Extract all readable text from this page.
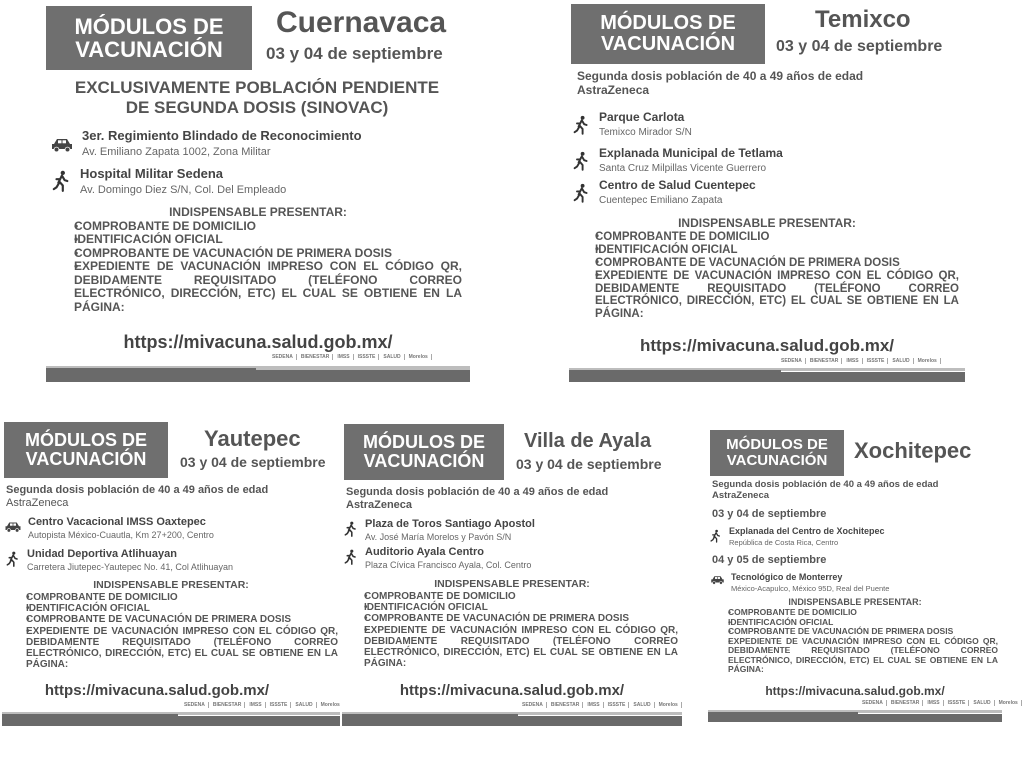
MÓDULOS DE
VACUNACIÓN
Cuernavaca
03 y 04 de septiembre
EXCLUSIVAMENTE POBLACIÓN PENDIENTE
DE SEGUNDA DOSIS (SINOVAC)
3er. Regimiento Blindado de Reconocimiento
Av. Emiliano Zapata 1002, Zona Militar
Hospital Militar Sedena
Av. Domingo Diez S/N, Col. Del Empleado
INDISPENSABLE PRESENTAR:
• COMPROBANTE DE DOMICILIO
• IDENTIFICACIÓN OFICIAL
• COMPROBANTE DE VACUNACIÓN DE PRIMERA DOSIS
• EXPEDIENTE DE VACUNACIÓN IMPRESO CON EL CÓDIGO QR, DEBIDAMENTE REQUISITADO (TELÉFONO CORREO ELECTRÓNICO, DIRECCIÓN, ETC) EL CUAL SE OBTIENE EN LA PÁGINA:
https://mivacuna.salud.gob.mx/
SEDENA	BIENESTAR	IMSS	ISSSTE	SALUD	Morelos
MÓDULOS DE
VACUNACIÓN
Temixco
03 y 04 de septiembre
Segunda dosis población de 40 a 49 años de edad
AstraZeneca
Parque Carlota
Temixco Mirador S/N
Explanada Municipal de Tetlama
Santa Cruz Milpillas Vicente Guerrero
Centro de Salud Cuentepec
Cuentepec Emiliano Zapata
INDISPENSABLE PRESENTAR:
• COMPROBANTE DE DOMICILIO
• IDENTIFICACIÓN OFICIAL
• COMPROBANTE DE VACUNACIÓN DE PRIMERA DOSIS
• EXPEDIENTE DE VACUNACIÓN IMPRESO CON EL CÓDIGO QR, DEBIDAMENTE REQUISITADO (TELÉFONO CORREO ELECTRÓNICO, DIRECCIÓN, ETC) EL CUAL SE OBTIENE EN LA PÁGINA:
https://mivacuna.salud.gob.mx/
SEDENA	BIENESTAR	IMSS	ISSSTE	SALUD	Morelos
MÓDULOS DE
VACUNACIÓN
Yautepec
03 y 04 de septiembre
Segunda dosis población de 40 a 49 años de edad
AstraZeneca
Centro Vacacional IMSS Oaxtepec
Autopista México-Cuautla, Km 27+200, Centro
Unidad Deportiva Atlihuayan
Carretera Jiutepec-Yautepec No. 41, Col Atlihuayan
INDISPENSABLE PRESENTAR:
• COMPROBANTE DE DOMICILIO
• IDENTIFICACIÓN OFICIAL
• COMPROBANTE DE VACUNACIÓN DE PRIMERA DOSIS
• EXPEDIENTE DE VACUNACIÓN IMPRESO CON EL CÓDIGO QR, DEBIDAMENTE REQUISITADO (TELÉFONO CORREO ELECTRÓNICO, DIRECCIÓN, ETC) EL CUAL SE OBTIENE EN LA PÁGINA:
https://mivacuna.salud.gob.mx/
SEDENA	BIENESTAR	IMSS	ISSSTE	SALUD	Morelos
MÓDULOS DE
VACUNACIÓN
Villa de Ayala
03 y 04 de septiembre
Segunda dosis población de 40 a 49 años de edad
AstraZeneca
Plaza de Toros Santiago Apostol
Av. José María Morelos y Pavón S/N
Auditorio Ayala Centro
Plaza Cívica Francisco Ayala, Col. Centro
INDISPENSABLE PRESENTAR:
• COMPROBANTE DE DOMICILIO
• IDENTIFICACIÓN OFICIAL
• COMPROBANTE DE VACUNACIÓN DE PRIMERA DOSIS
• EXPEDIENTE DE VACUNACIÓN IMPRESO CON EL CÓDIGO QR, DEBIDAMENTE REQUISITADO (TELÉFONO CORREO ELECTRÓNICO, DIRECCIÓN, ETC) EL CUAL SE OBTIENE EN LA PÁGINA:
https://mivacuna.salud.gob.mx/
SEDENA	BIENESTAR	IMSS	ISSSTE	SALUD	Morelos
MÓDULOS DE
VACUNACIÓN	Xochitepec
Segunda dosis población de 40 a 49 años de edad
AstraZeneca
03 y 04 de septiembre
Explanada del Centro de Xochitepec
República de Costa Rica, Centro
04 y 05 de septiembre
Tecnológico de Monterrey
México-Acapulco, México 95D, Real del Puente
INDISPENSABLE PRESENTAR:
• COMPROBANTE DE DOMICILIO
• IDENTIFICACIÓN OFICIAL
• COMPROBANTE DE VACUNACIÓN DE PRIMERA DOSIS
• EXPEDIENTE DE VACUNACIÓN IMPRESO CON EL CÓDIGO QR, DEBIDAMENTE REQUISITADO (TELÉFONO CORREO ELECTRÓNICO, DIRECCIÓN, ETC) EL CUAL SE OBTIENE EN LA PÁGINA:
https://mivacuna.salud.gob.mx/
SEDENA	BIENESTAR	IMSS	ISSSTE	SALUD	Morelos
